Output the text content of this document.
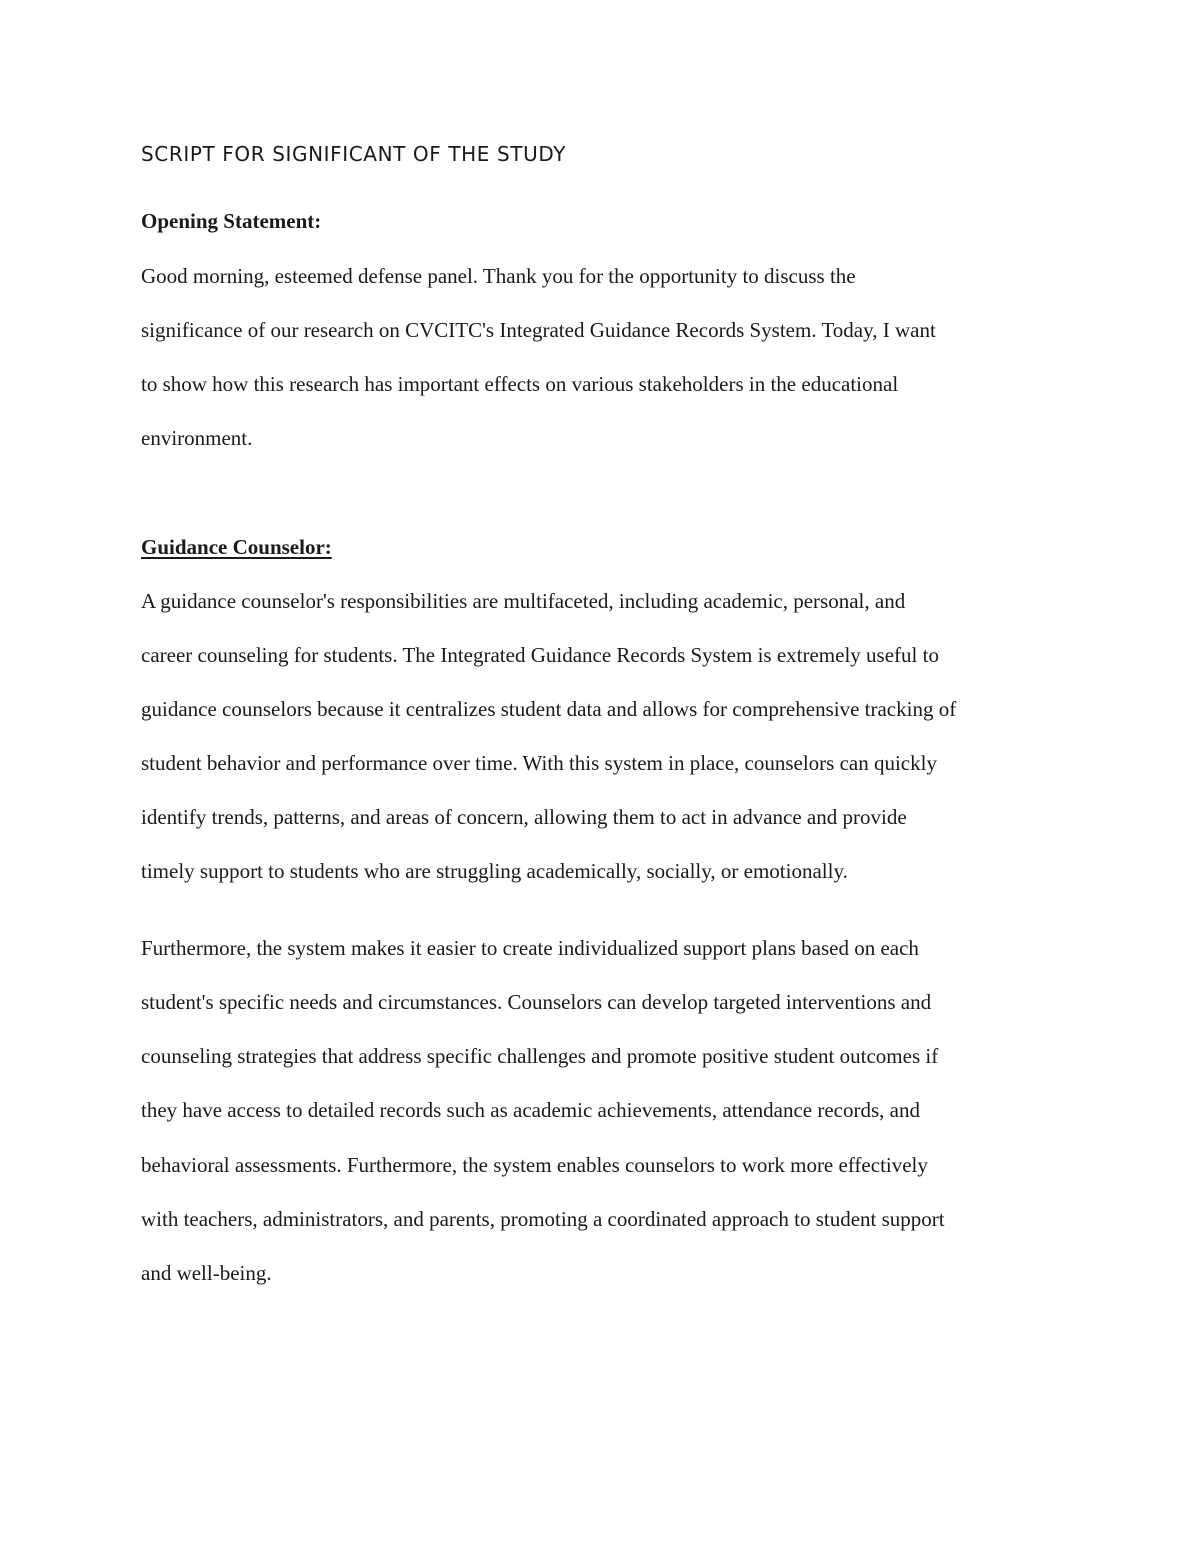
SCRIPT FOR SIGNIFICANT OF THE STUDY
Opening Statement:

Good morning, esteemed defense panel. Thank you for the opportunity to discuss the

significance of our research on CVCITC's Integrated Guidance Records System. Today, I want

to show how this research has important effects on various stakeholders in the educational

environment.

Guidance Counselor:

A guidance counselor's responsibilities are multifaceted, including academic, personal, and

career counseling for students. The Integrated Guidance Records System is extremely useful to

guidance counselors because it centralizes student data and allows for comprehensive tracking of

student behavior and performance over time. With this system in place, counselors can quickly

identify trends, patterns, and areas of concern, allowing them to act in advance and provide

timely support to students who are struggling academically, socially, or emotionally.

Furthermore, the system makes it easier to create individualized support plans based on each

student's specific needs and circumstances. Counselors can develop targeted interventions and

counseling strategies that address specific challenges and promote positive student outcomes if

they have access to detailed records such as academic achievements, attendance records, and

behavioral assessments. Furthermore, the system enables counselors to work more effectively

with teachers, administrators, and parents, promoting a coordinated approach to student support

and well-being.
